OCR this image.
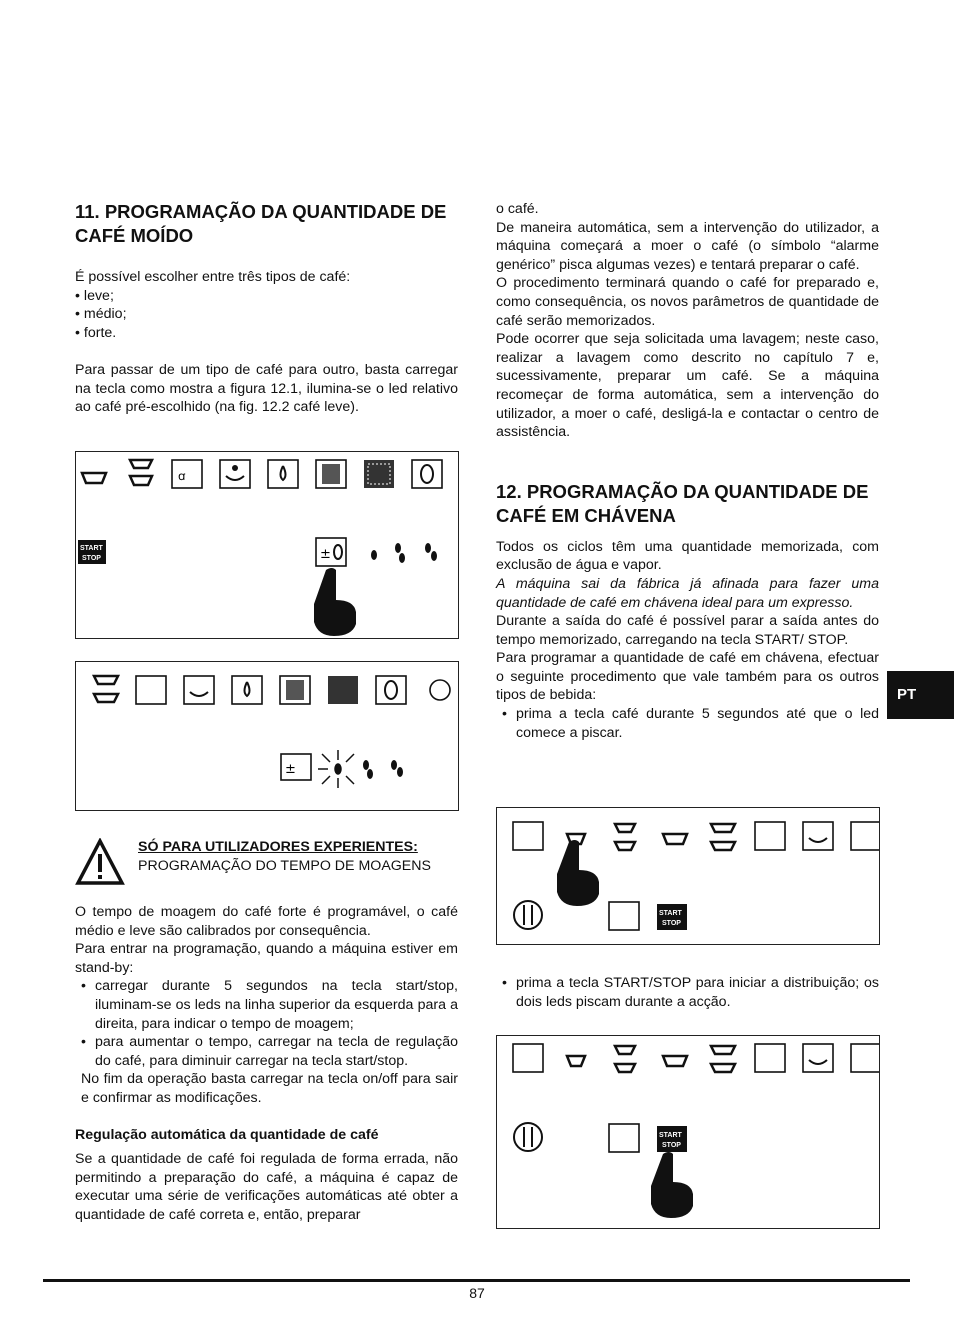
11. PROGRAMAÇÃO DA QUANTIDADE DE CAFÉ MOÍDO

É possível escolher entre três tipos de café:

• leve;
• médio;
• forte.

Para passar de um tipo de café para outro, basta carregar na tecla como mostra a figura 12.1, ilumina-se o led relativo ao café pré-escolhido (na fig. 12.2 café leve).

ꭤ
START
STOP	±
±
SÓ PARA UTILIZADORES EXPERIENTES:
PROGRAMAÇÃO DO TEMPO DE MOAGENS

O tempo de moagem do café forte é programável, o café médio e leve são calibrados por consequência.

Para entrar na programação, quando a máquina estiver em stand-by:

• carregar durante 5 segundos na tecla start/stop, iluminam-se os leds na linha superior da esquerda para a direita, para indicar o tempo de moagem;
• para aumentar o tempo, carregar na tecla de regulação do café, para diminuir carregar na tecla start/stop.

No fim da operação basta carregar na tecla on/off para sair e confirmar as modificações.

Regulação automática da quantidade de café

Se a quantidade de café foi regulada de forma errada, não permitindo a preparação do café, a máquina é capaz de executar uma série de verificações automáticas até obter a quantidade de café correta e, então, preparar

o café.

De maneira automática, sem a intervenção do utilizador, a máquina começará a moer o café (o símbolo “alarme genérico” pisca algumas vezes) e tentará preparar o café.

O procedimento terminará quando o café for preparado e, como consequência, os novos parâmetros de quantidade de café serão memorizados.

Pode ocorrer que seja solicitada uma lavagem; neste caso, realizar a lavagem como descrito no capítulo 7 e, sucessivamente, preparar um café. Se a máquina recomeçar de forma automática, sem a intervenção do utilizador, a moer o café, desligá-la e contactar o centro de assistência.

12. PROGRAMAÇÃO DA QUANTIDADE DE CAFÉ EM CHÁVENA

Todos os ciclos têm uma quantidade memorizada, com exclusão de água e vapor.

A máquina sai da fábrica já afinada para fazer uma quantidade de café em chávena ideal para um expresso.

Durante a saída do café é possível parar a saída antes do tempo memorizado, carregando na tecla START/ STOP.

Para programar a quantidade de café em chávena, efectuar o seguinte procedimento que vale também para os outros tipos de bebida:

• prima a tecla café durante 5 segundos até que o led comece a piscar.
START
STOP
• prima a tecla START/STOP para iniciar a distribuição; os dois leds piscam durante a acção.
START
STOP
PT
87
